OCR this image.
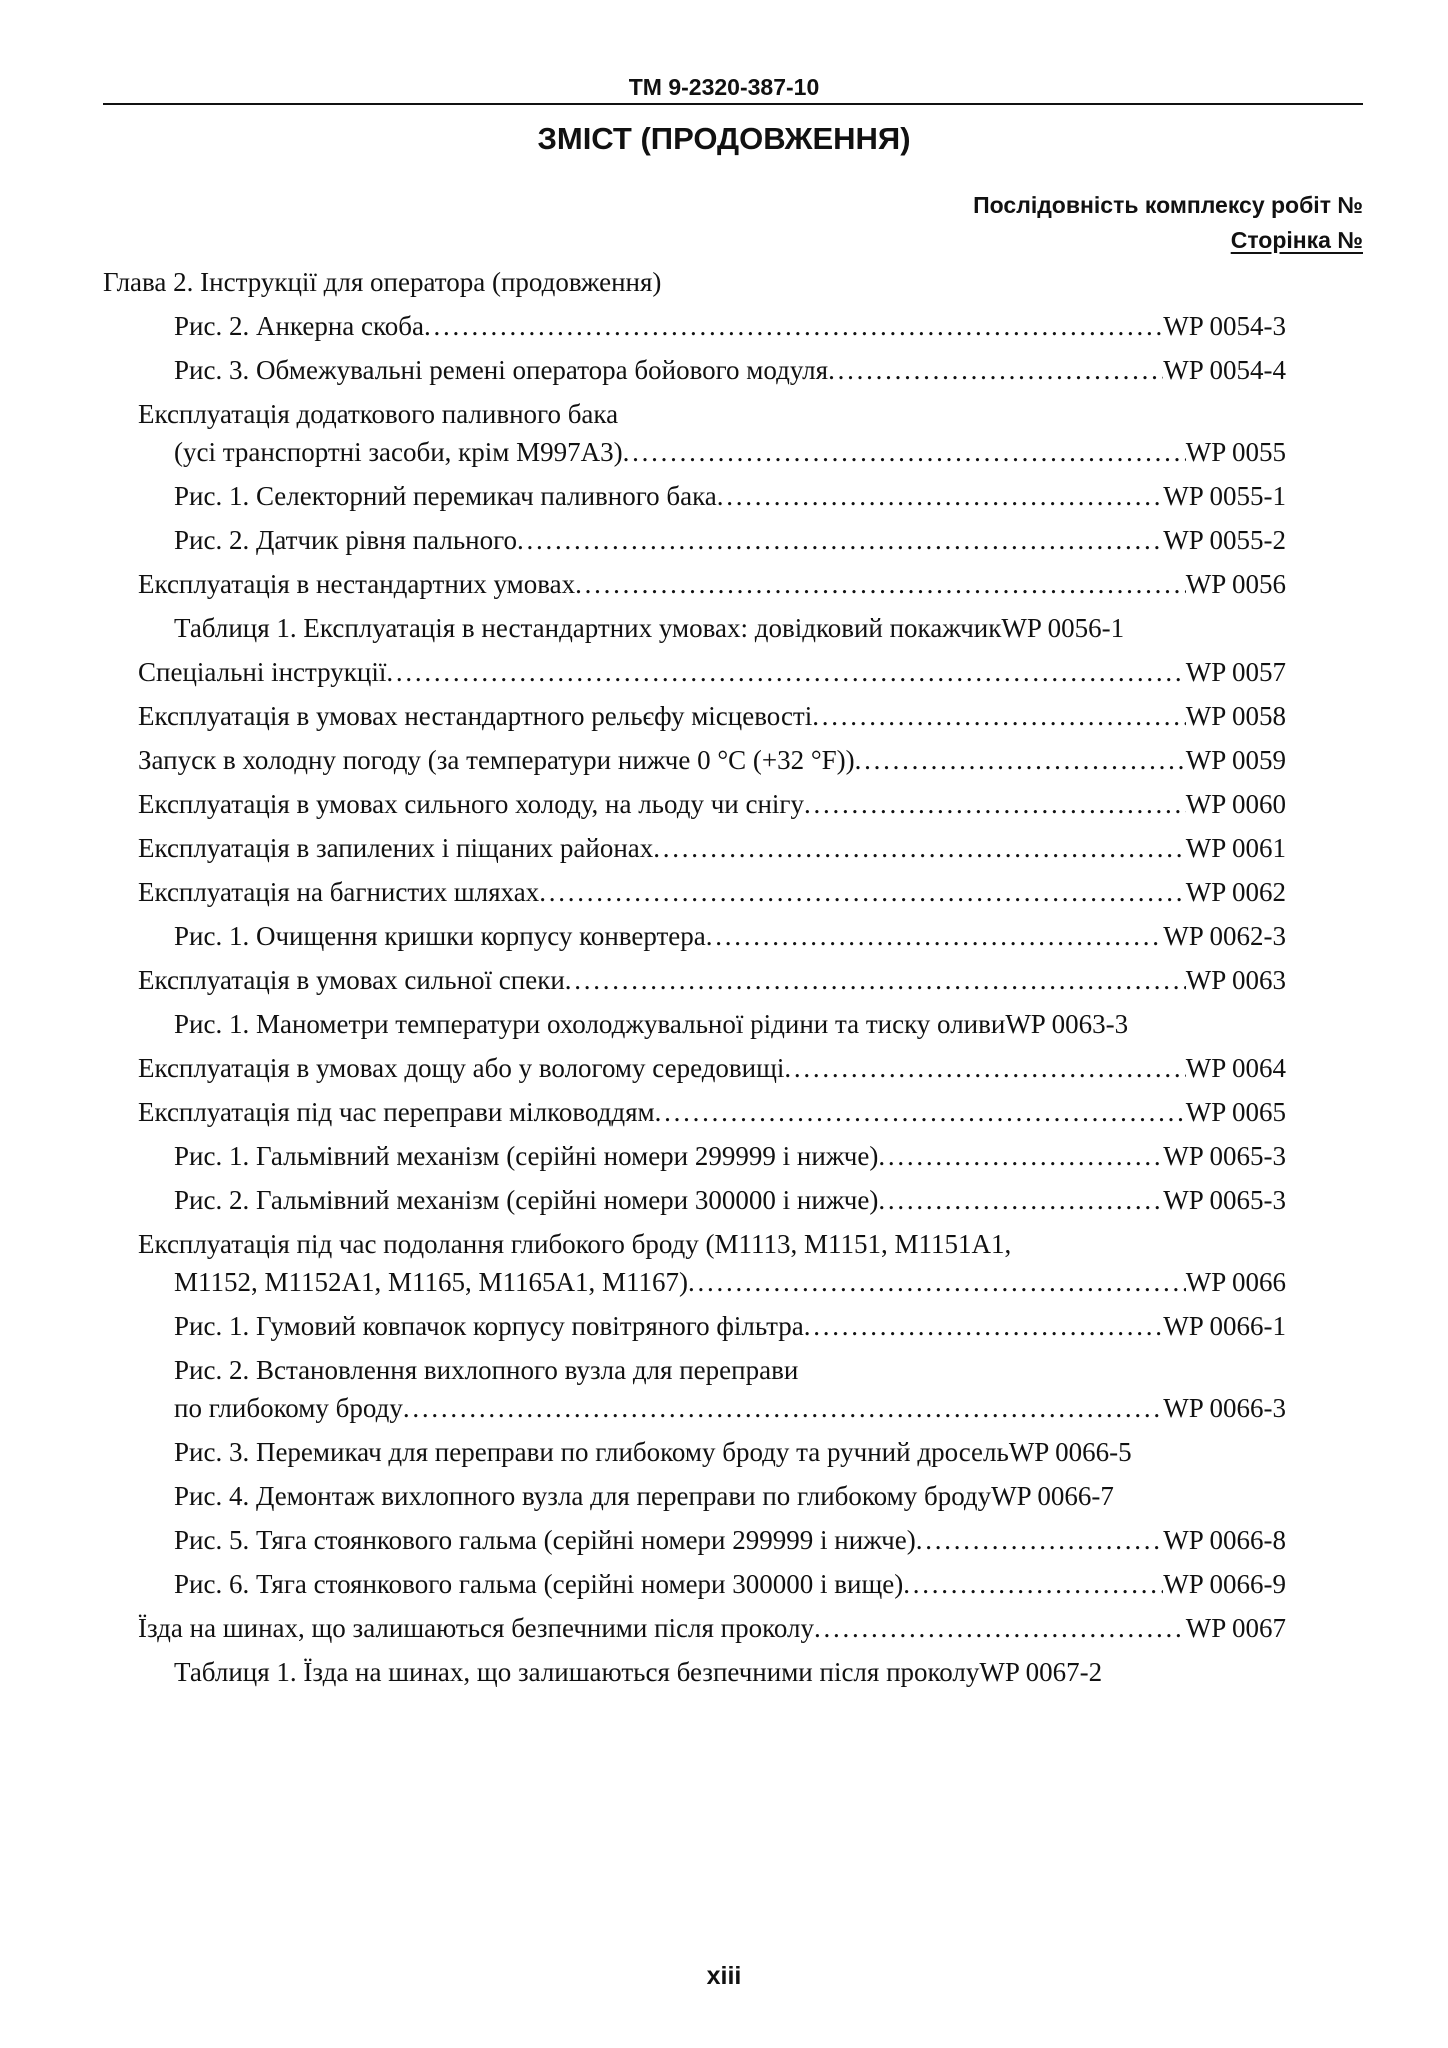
TM 9-2320-387-10
ЗМІСТ (ПРОДОВЖЕННЯ)
Послідовність комплексу робіт №
Сторінка №
Глава 2. Інструкції для оператора (продовження)
Рис. 2. Анкерна скоба . . .	WP 0054-3
Рис. 3. Обмежувальні ремені оператора бойового модуля . . .	WP 0054-4
Експлуатація додаткового паливного бака
(усі транспортні засоби, крім M997A3) . . .	WP 0055
Рис. 1. Селекторний перемикач паливного бака . . .	WP 0055-1
Рис. 2. Датчик рівня пального . . .	WP 0055-2
Експлуатація в нестандартних умовах . . .	WP 0056
Таблиця 1. Експлуатація в нестандартних умовах: довідковий покажчик WP 0056-1
Спеціальні інструкції . . .	WP 0057
Експлуатація в умовах нестандартного рельєфу місцевості . . .	WP 0058
Запуск в холодну погоду (за температури нижче 0 °C (+32 °F)) . . .	WP 0059
Експлуатація в умовах сильного холоду, на льоду чи снігу . . .	WP 0060
Експлуатація в запилених і піщаних районах . . .	WP 0061
Експлуатація на багнистих шляхах . . .	WP 0062
Рис. 1. Очищення кришки корпусу конвертера . . .	WP 0062-3
Експлуатація в умовах сильної спеки . . .	WP 0063
Рис. 1. Манометри температури охолоджувальної рідини та тиску оливи WP 0063-3
Експлуатація в умовах дощу або у вологому середовищі . . .	WP 0064
Експлуатація під час переправи мілководдям . . .	WP 0065
Рис. 1. Гальмівний механізм (серійні номери 299999 і нижче) . . .	WP 0065-3
Рис. 2. Гальмівний механізм (серійні номери 300000 і нижче) . . .	WP 0065-3
Експлуатація під час подолання глибокого броду (M1113, M1151, M1151A1,
M1152, M1152A1, M1165, M1165A1, M1167) . . .	WP 0066
Рис. 1. Гумовий ковпачок корпусу повітряного фільтра . . .	WP 0066-1
Рис. 2. Встановлення вихлопного вузла для переправи
по глибокому броду . . .	WP 0066-3
Рис. 3. Перемикач для переправи по глибокому броду та ручний дросель WP 0066-5
Рис. 4. Демонтаж вихлопного вузла для переправи по глибокому броду WP 0066-7
Рис. 5. Тяга стоянкового гальма (серійні номери 299999 і нижче) . . .	WP 0066-8
Рис. 6. Тяга стоянкового гальма (серійні номери 300000 і вище) . . .	WP 0066-9
Їзда на шинах, що залишаються безпечними після проколу . . .	WP 0067
Таблиця 1. Їзда на шинах, що залишаються безпечними після проколу WP 0067-2
xiii
